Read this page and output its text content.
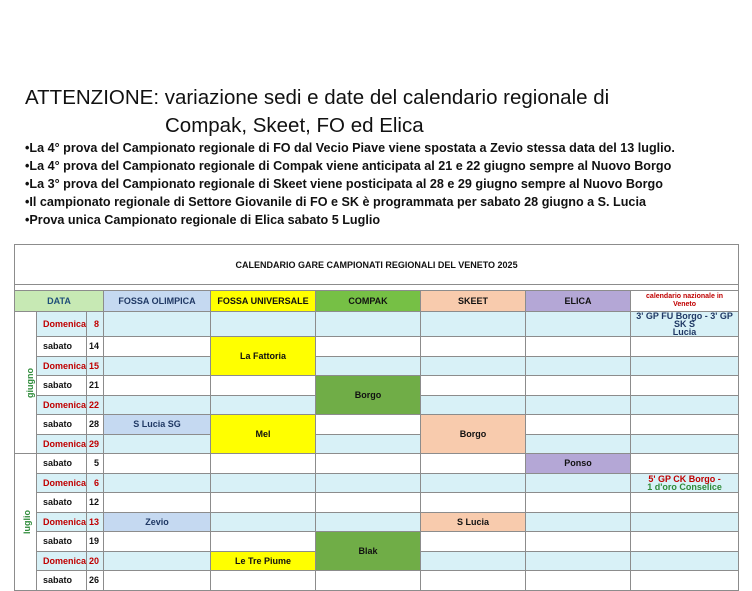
ATTENZIONE: variazione sedi e date del calendario regionale di
Compak, Skeet, FO ed Elica
•La 4° prova del Campionato regionale di FO dal Vecio Piave viene spostata a Zevio stessa data del 13 luglio.
•La 4° prova del Campionato regionale di Compak viene anticipata al 21 e 22 giugno sempre al Nuovo Borgo
•La 3° prova del Campionato regionale di Skeet viene posticipata al 28 e 29 giugno sempre al Nuovo Borgo
•Il campionato regionale di Settore Giovanile di FO e SK è programmata per sabato 28 giugno a S. Lucia
•Prova unica Campionato regionale di Elica sabato 5 Luglio
CALENDARIO GARE CAMPIONATI REGIONALI DEL VENETO 2025								

DATA			FOSSA OLIMPICA	FOSSA UNIVERSALE	COMPAK	SKEET	ELICA	calendario nazionale in
Veneto

giugno	Domenica	8						3' GP FU Borgo - 3' GP SK S
Lucia

	sabato	14		La Fattoria				
	Domenica	15						
	sabato	21			Borgo			
	Domenica	22						
	sabato	28	S Lucia SG	Mel		Borgo		
	Domenica	29						
luglio	sabato	5					Ponso	
	Domenica	6						5' GP CK Borgo -
1 d'oro Conselice

	sabato	12						
	Domenica	13	Zevio			S Lucia		
	sabato	19			Blak			
	Domenica	20		Le Tre Piume				
	sabato	26						
